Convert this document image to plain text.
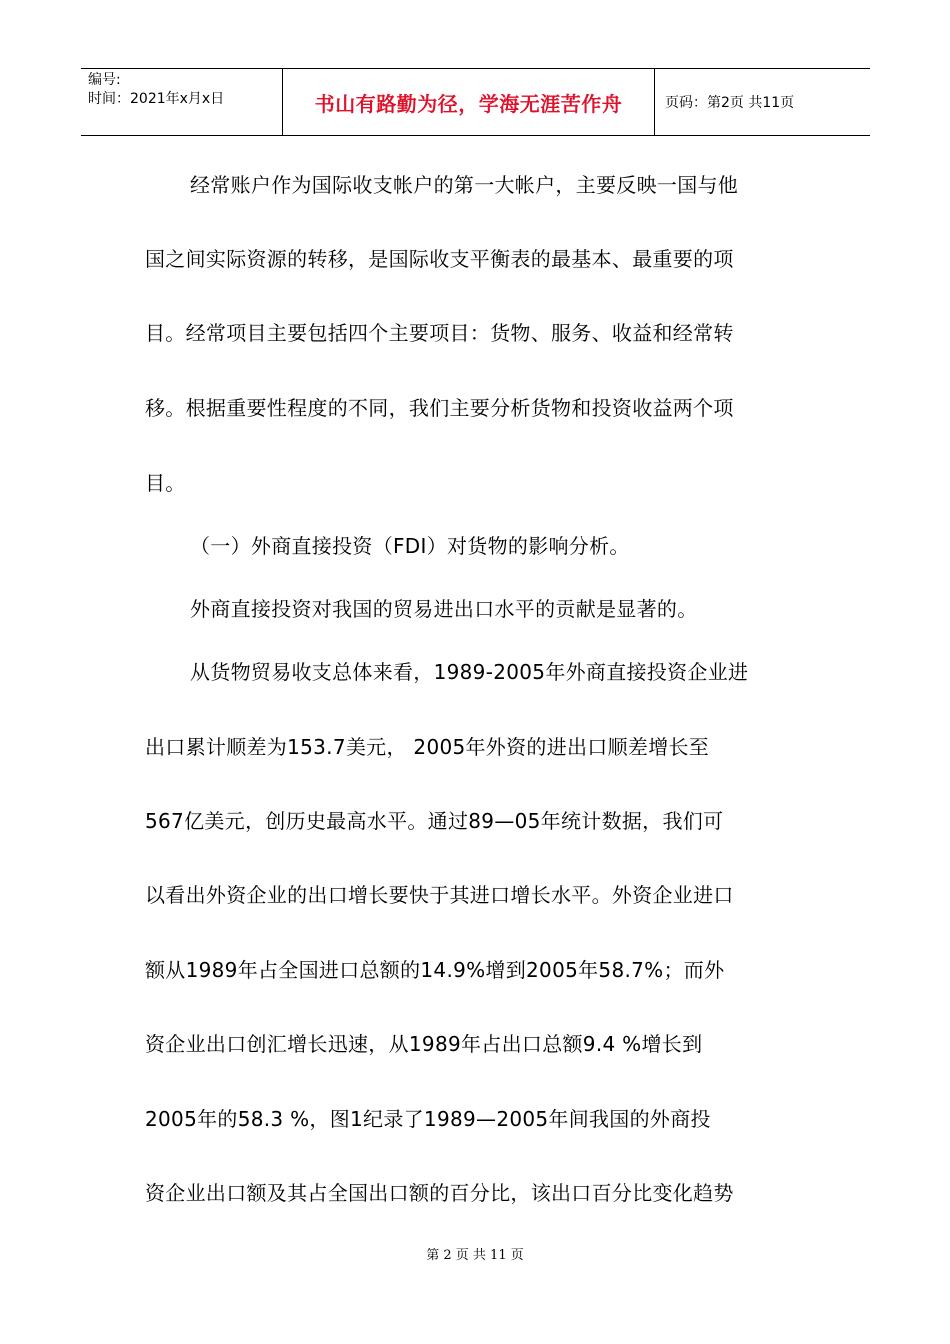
编号:
时间：2021年x月x日	书山有路勤为径，学海无涯苦作舟	页码：第2页 共11页
经常账户作为国际收支帐户的第一大帐户，主要反映一国与他
国之间实际资源的转移，是国际收支平衡表的最基本、最重要的项
目。经常项目主要包括四个主要项目：货物、服务、收益和经常转
移。根据重要性程度的不同，我们主要分析货物和投资收益两个项
目。
（一）外商直接投资（FDI）对货物的影响分析。
外商直接投资对我国的贸易进出口水平的贡献是显著的。
从货物贸易收支总体来看，1989-2005年外商直接投资企业进
出口累计顺差为153.7美元， 2005年外资的进出口顺差增长至
567亿美元，创历史最高水平。通过89—05年统计数据，我们可
以看出外资企业的出口增长要快于其进口增长水平。外资企业进口
额从1989年占全国进口总额的14.9%增到2005年58.7%；而外
资企业出口创汇增长迅速，从1989年占出口总额9.4 %增长到
2005年的58.3 %，图1纪录了1989—2005年间我国的外商投
资企业出口额及其占全国出口额的百分比，该出口百分比变化趋势
第 2 页 共 11 页
